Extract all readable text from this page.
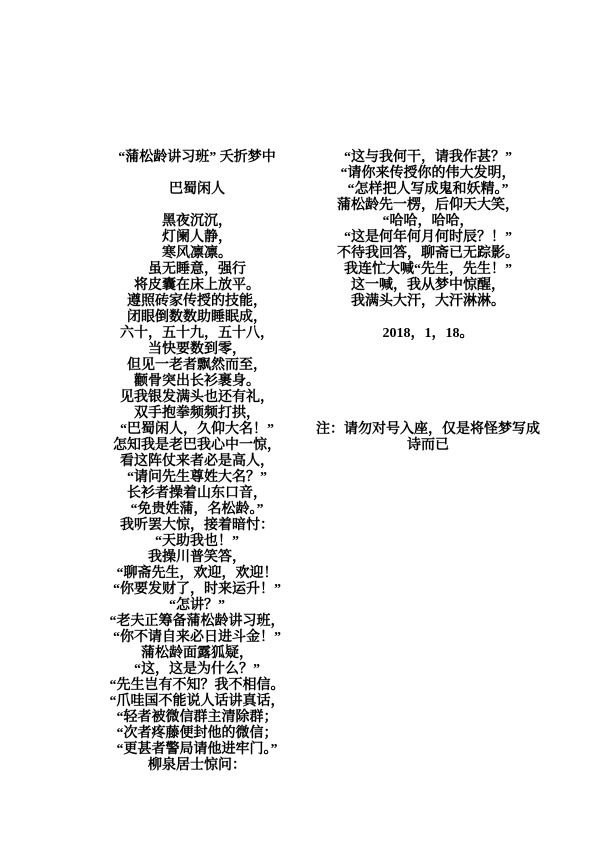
“蒲松龄讲习班” 夭折梦中
巴蜀闲人
黑夜沉沉，
灯阑人静，
寒风凛凛。
虽无睡意，强行
将皮囊在床上放平。
遵照砖家传授的技能，
闭眼倒数数助睡眠成，
六十，五十九，五十八，
当快要数到零，
但见一老者飘然而至，
颧骨突出长衫裹身。
见我银发满头也还有礼，
双手抱拳频频打拱，
“巴蜀闲人，久仰大名！”
怎知我是老巴我心中一惊，
看这阵仗来者必是高人，
“请问先生尊姓大名？”
长衫者操着山东口音，
“免贵姓蒲，名松龄。”
我听罢大惊，接着暗忖：
“天助我也！”
我操川普笑答，
“聊斋先生，欢迎，欢迎！
“你要发财了，时来运升！”
“怎讲？”
“老夫正筹备蒲松龄讲习班，
“你不请自来必日进斗金！”
蒲松龄面露狐疑，
“这，这是为什么？”
“先生岂有不知？我不相信。
“爪哇国不能说人话讲真话，
“轻者被微信群主清除群；
“次者疼藤便封他的微信；
“更甚者警局请他进牢门。”
柳泉居士惊问：
“这与我何干，请我作甚？”
“请你来传授你的伟大发明，
“怎样把人写成鬼和妖精。”
蒲松龄先一楞，后仰天大笑，
“哈哈，哈哈，
“这是何年何月何时辰？！”
不待我回答，聊斋已无踪影。
我连忙大喊“先生，先生！”
这一喊，我从梦中惊醒，
我满头大汗，大汗淋淋。
2018，1，18。
注：请勿对号入座，仅是将怪梦写成
诗而已
